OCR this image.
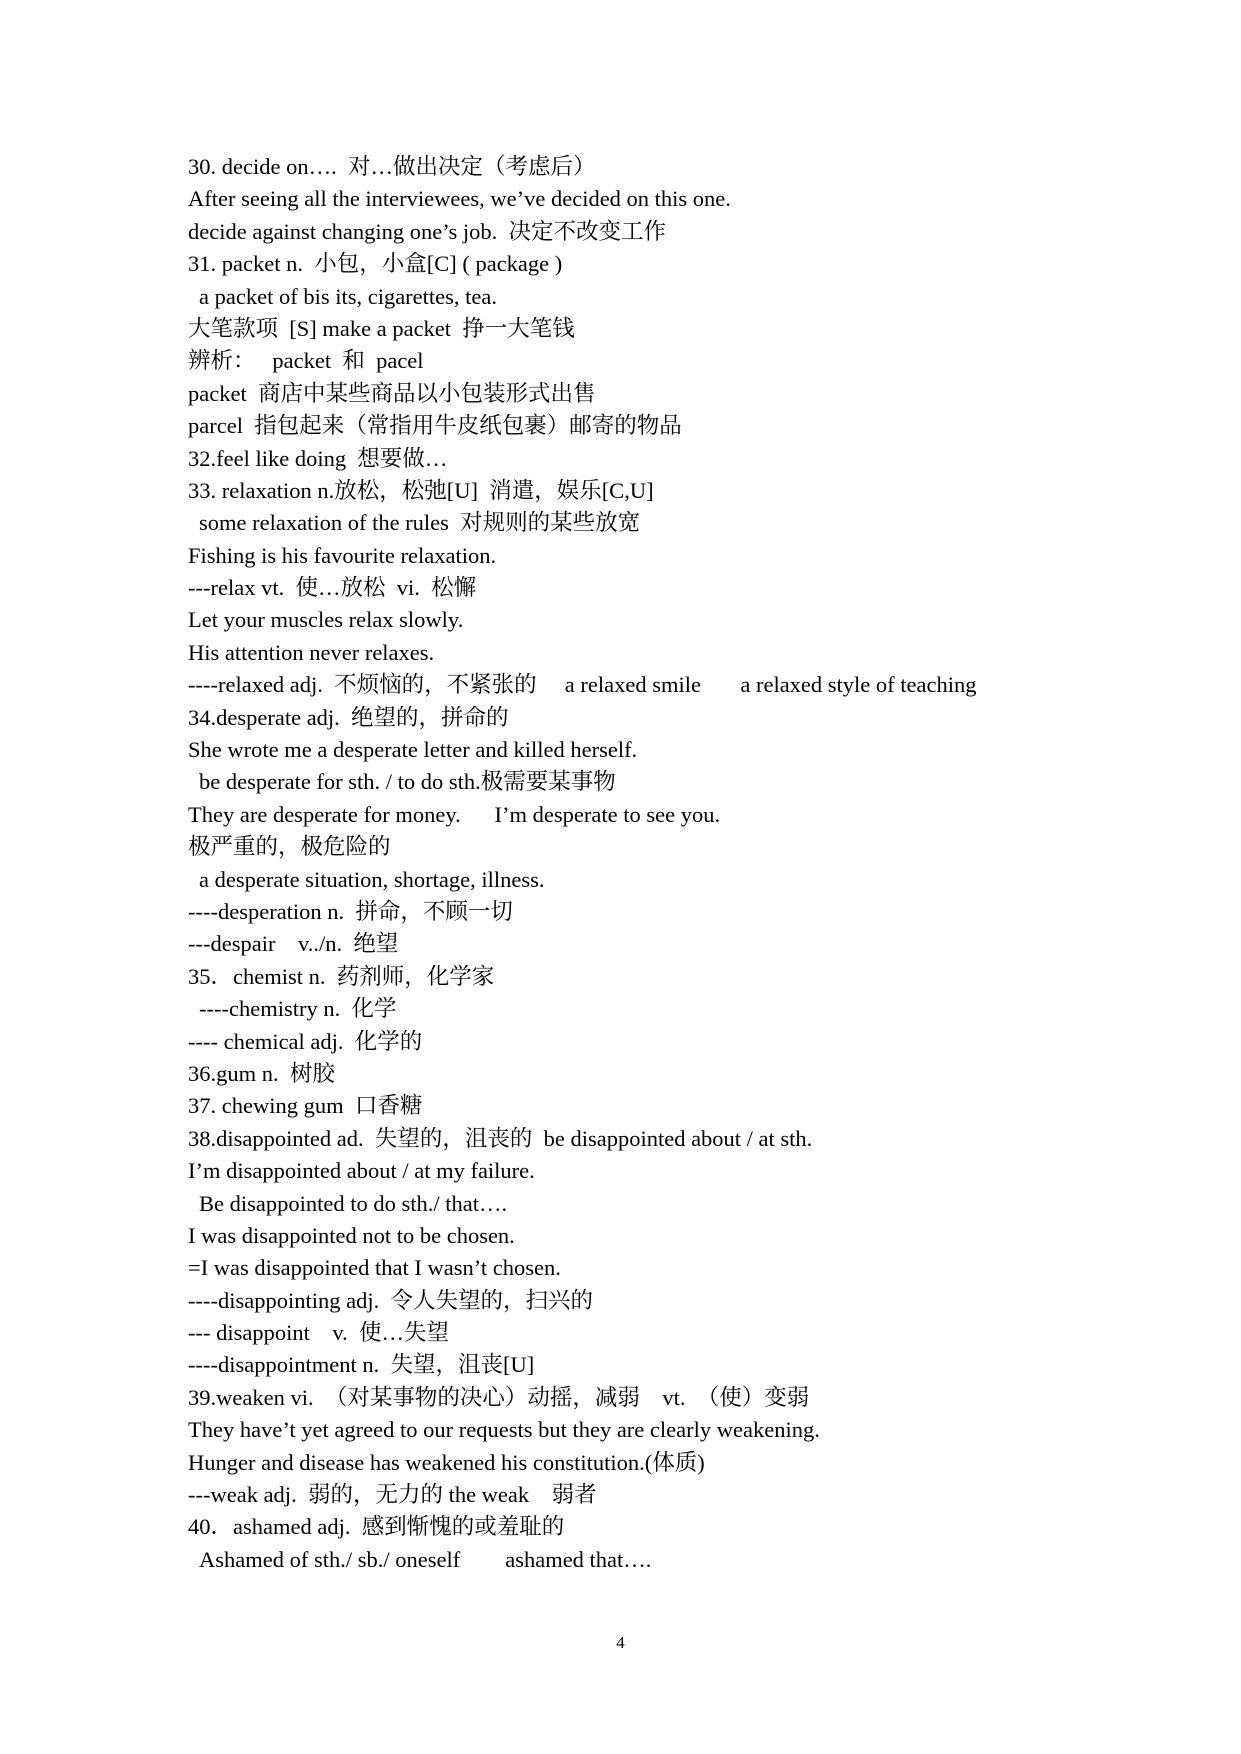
30. decide on….  对…做出决定（考虑后）
After seeing all the interviewees, we’ve decided on this one.
decide against changing one’s job.  决定不改变工作
31. packet n.  小包，小盒[C] ( package )
a packet of bis its, cigarettes, tea.
大笔款项  [S] make a packet  挣一大笔钱
辨析：   packet  和  pacel
packet  商店中某些商品以小包装形式出售
parcel  指包起来（常指用牛皮纸包裹）邮寄的物品
32.feel like doing  想要做…
33. relaxation n.放松，松弛[U]  消遣，娱乐[C,U]
some relaxation of the rules  对规则的某些放宽
Fishing is his favourite relaxation.
---relax vt.  使…放松  vi.  松懈
Let your muscles relax slowly.
His attention never relaxes.
----relaxed adj.  不烦恼的，不紧张的     a relaxed smile       a relaxed style of teaching
34.desperate adj.  绝望的，拼命的
She wrote me a desperate letter and killed herself.
be desperate for sth. / to do sth.极需要某事物
They are desperate for money.      I’m desperate to see you.
极严重的，极危险的
a desperate situation, shortage, illness.
----desperation n.  拼命，不顾一切
---despair    v../n.  绝望
35．chemist n.  药剂师，化学家
----chemistry n.  化学
---- chemical adj.  化学的
36.gum n.  树胶
37. chewing gum  口香糖
38.disappointed ad.  失望的，沮丧的  be disappointed about / at sth.
I’m disappointed about / at my failure.
Be disappointed to do sth./ that….
I was disappointed not to be chosen.
=I was disappointed that I wasn’t chosen.
----disappointing adj.  令人失望的，扫兴的
--- disappoint    v.  使…失望
----disappointment n.  失望，沮丧[U]
39.weaken vi.  （对某事物的决心）动摇，减弱    vt.  （使）变弱
They have’t yet agreed to our requests but they are clearly weakening.
Hunger and disease has weakened his constitution.(体质)
---weak adj.  弱的，无力的 the weak    弱者
40．ashamed adj.  感到惭愧的或羞耻的
Ashamed of sth./ sb./ oneself        ashamed that….
4
